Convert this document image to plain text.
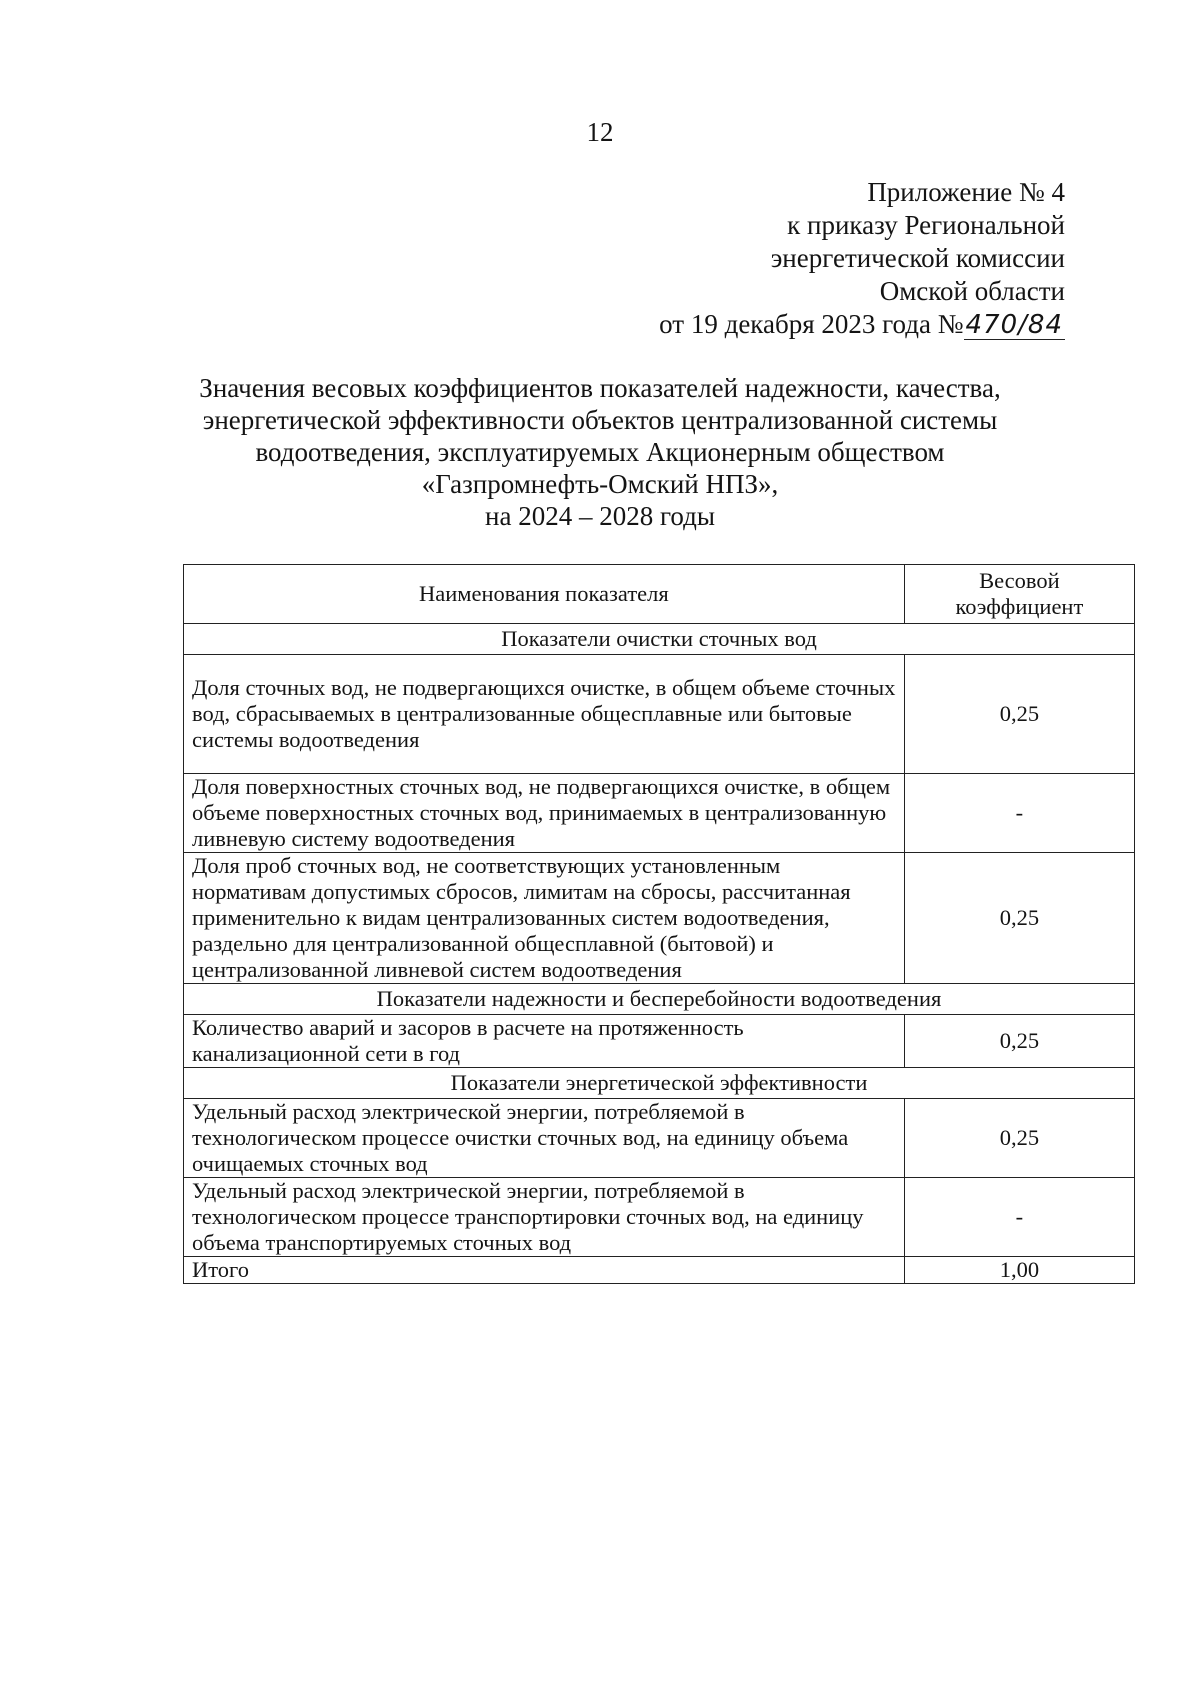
12
Приложение № 4
к приказу Региональной
энергетической комиссии
Омской области
от 19 декабря 2023 года №470/84
Значения весовых коэффициентов показателей надежности, качества,
энергетической эффективности объектов централизованной системы
водоотведения, эксплуатируемых Акционерным обществом
«Газпромнефть-Омский НПЗ»,
на 2024 – 2028 годы
Наименования показателя	Весовой
коэффициент

Показатели очистки сточных вод	

Доля сточных вод, не подвергающихся очистке, в общем объеме сточных вод, сбрасываемых в централизованные общесплавные или бытовые системы водоотведения	0,25

Доля поверхностных сточных вод, не подвергающихся очистке, в общем объеме поверхностных сточных вод, принимаемых в централизованную ливневую систему водоотведения	-

Доля проб сточных вод, не соответствующих установленным нормативам допустимых сбросов, лимитам на сбросы, рассчитанная применительно к видам централизованных систем водоотведения, раздельно для централизованной общесплавной (бытовой) и централизованной ливневой систем водоотведения	0,25
Показатели надежности и бесперебойности водоотведения	

Количество аварий и засоров в расчете на протяженность канализационной сети в год	0,25
Показатели энергетической эффективности	

Удельный расход электрической энергии, потребляемой в технологическом процессе очистки сточных вод, на единицу объема очищаемых сточных вод	0,25

Удельный расход электрической энергии, потребляемой в технологическом процессе транспортировки сточных вод, на единицу объема транспортируемых сточных вод	-
Итого	1,00
